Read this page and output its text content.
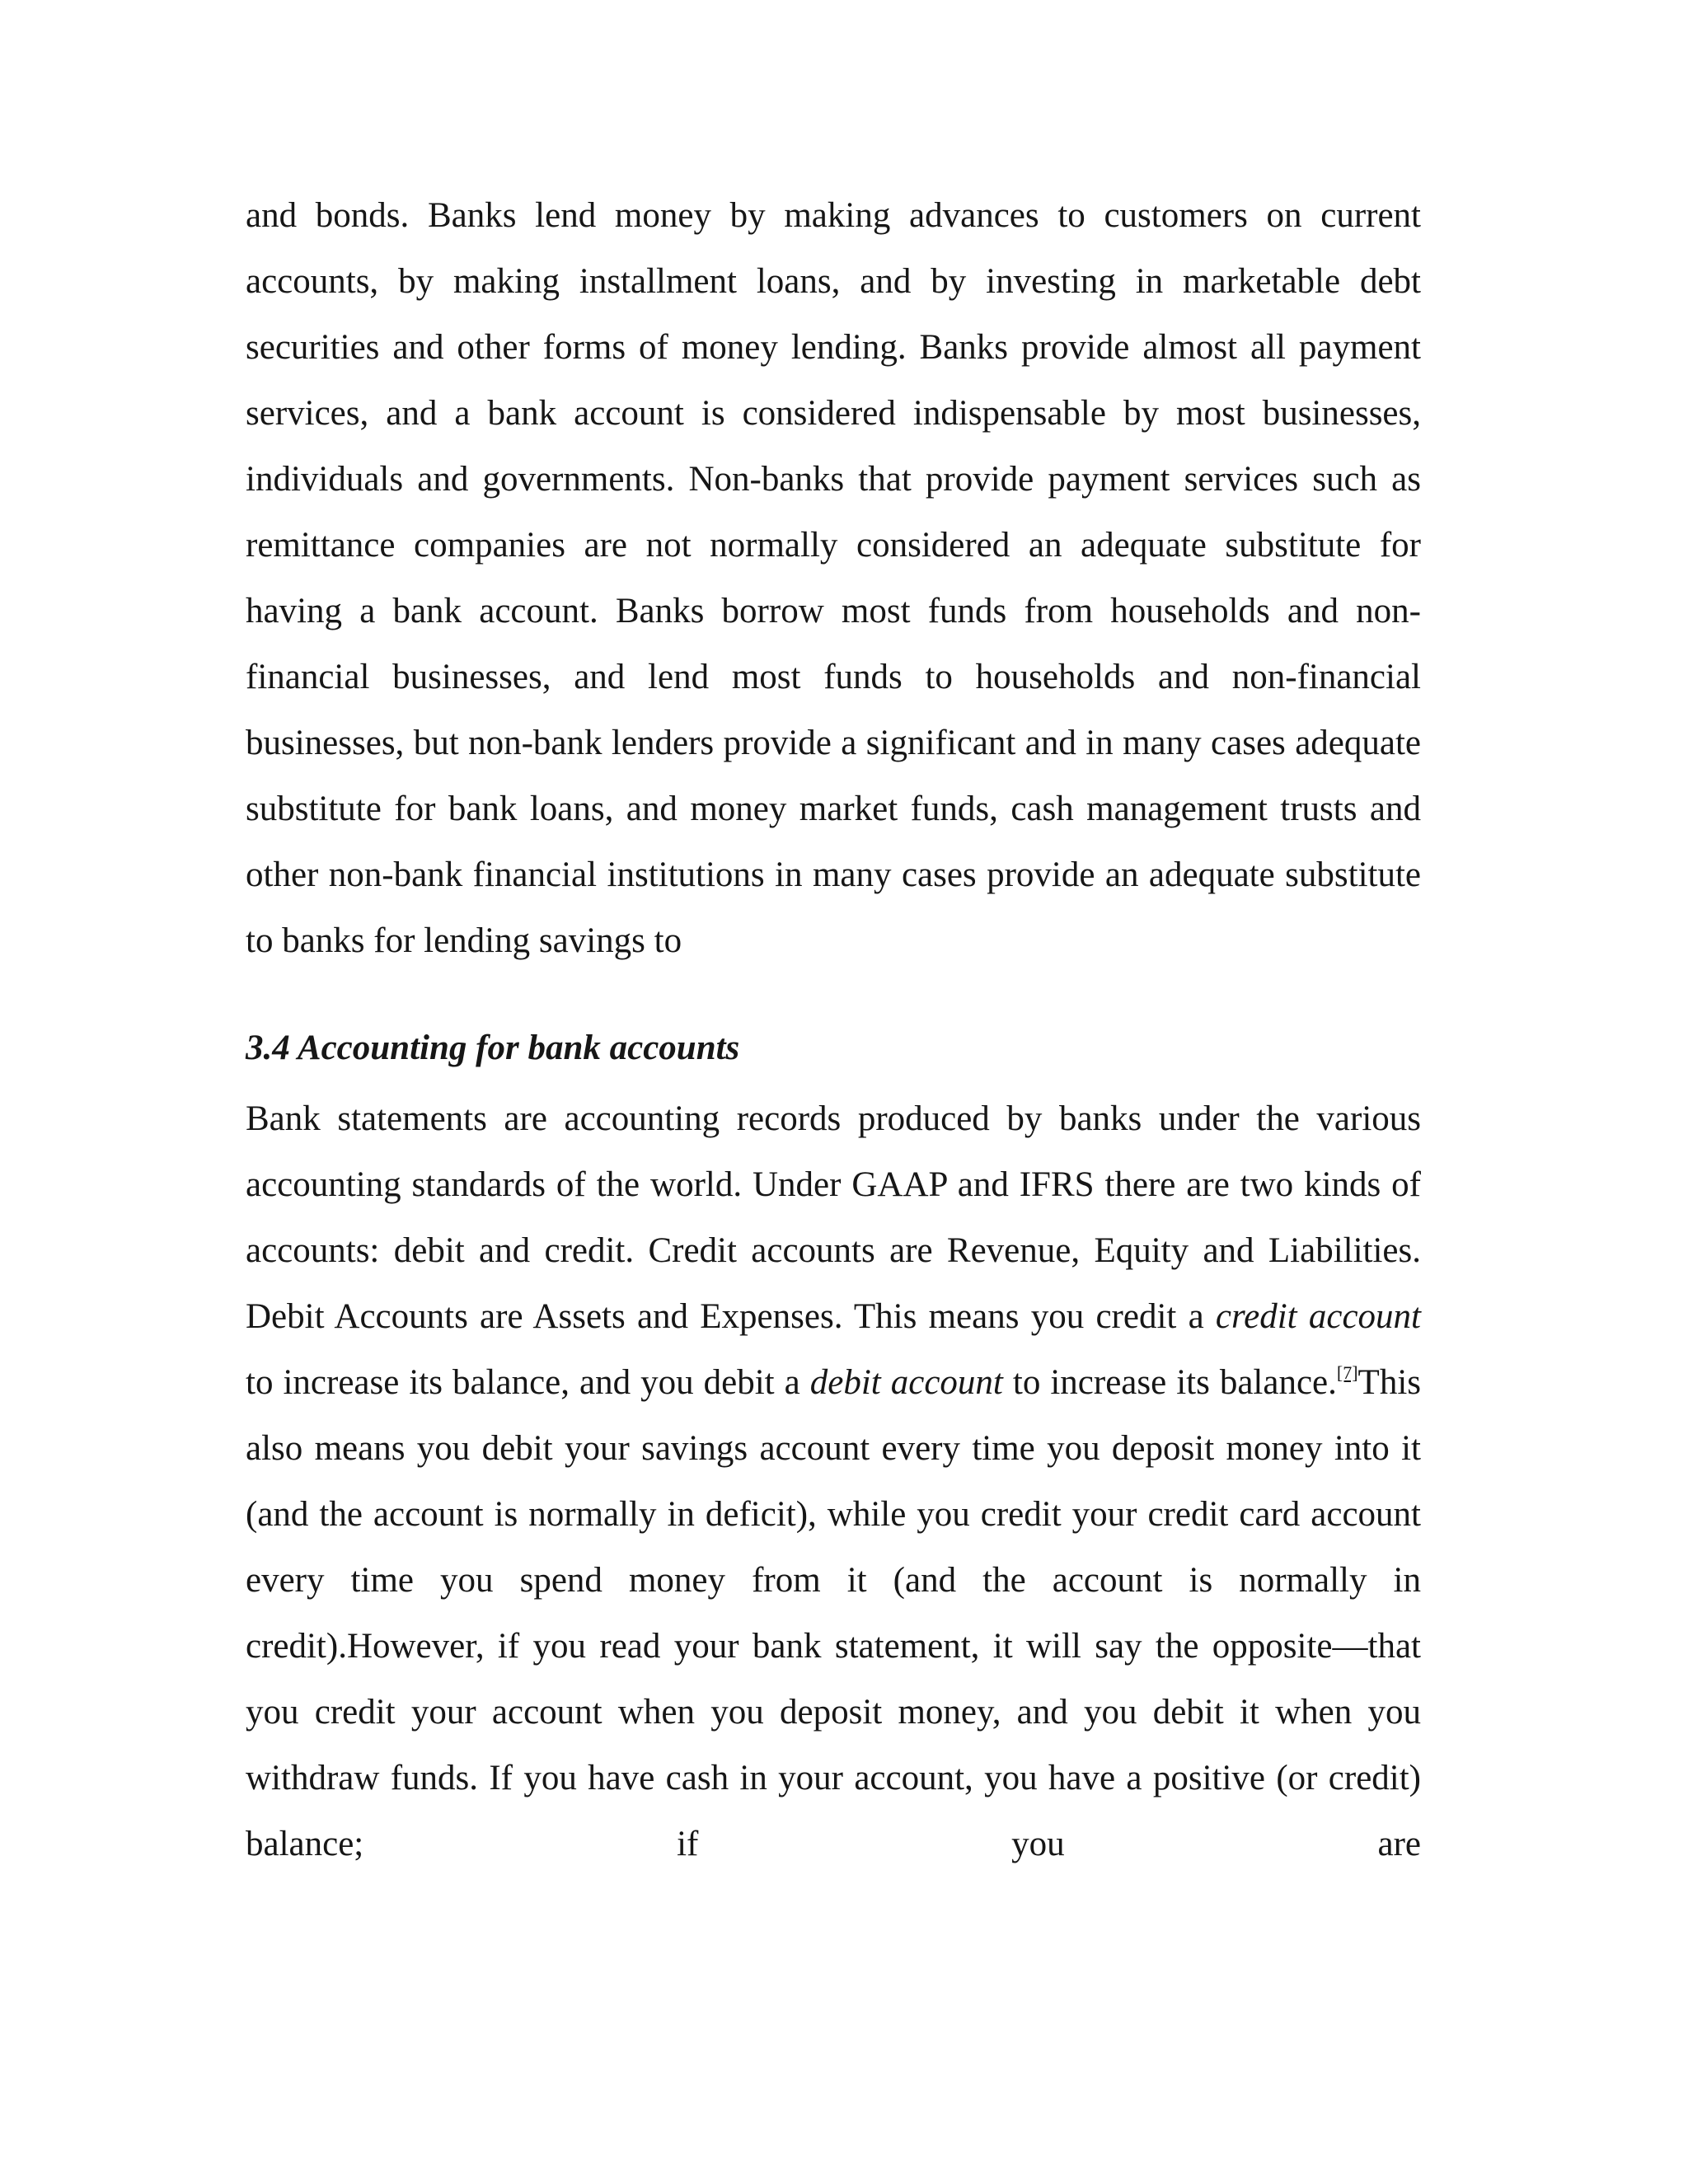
and bonds. Banks lend money by making advances to customers on current accounts, by making installment loans, and by investing in marketable debt securities and other forms of money lending. Banks provide almost all payment services, and a bank account is considered indispensable by most businesses, individuals and governments. Non-banks that provide payment services such as remittance companies are not normally considered an adequate substitute for having a bank account. Banks borrow most funds from households and non-financial businesses, and lend most funds to households and non-financial businesses, but non-bank lenders provide a significant and in many cases adequate substitute for bank loans, and money market funds, cash management trusts and other non-bank financial institutions in many cases provide an adequate substitute to banks for lending savings to

3.4 Accounting for bank accounts

Bank statements are accounting records produced by banks under the various accounting standards of the world. Under GAAP and IFRS there are two kinds of accounts: debit and credit. Credit accounts are Revenue, Equity and Liabilities. Debit Accounts are Assets and Expenses. This means you credit a credit account to increase its balance, and you debit a debit account to increase its balance.[7]This also means you debit your savings account every time you deposit money into it (and the account is normally in deficit), while you credit your credit card account every time you spend money from it (and the account is normally in credit).However, if you read your bank statement, it will say the opposite—that you credit your account when you deposit money, and you debit it when you withdraw funds. If you have cash in your account, you have a positive (or credit) balance; if you are
